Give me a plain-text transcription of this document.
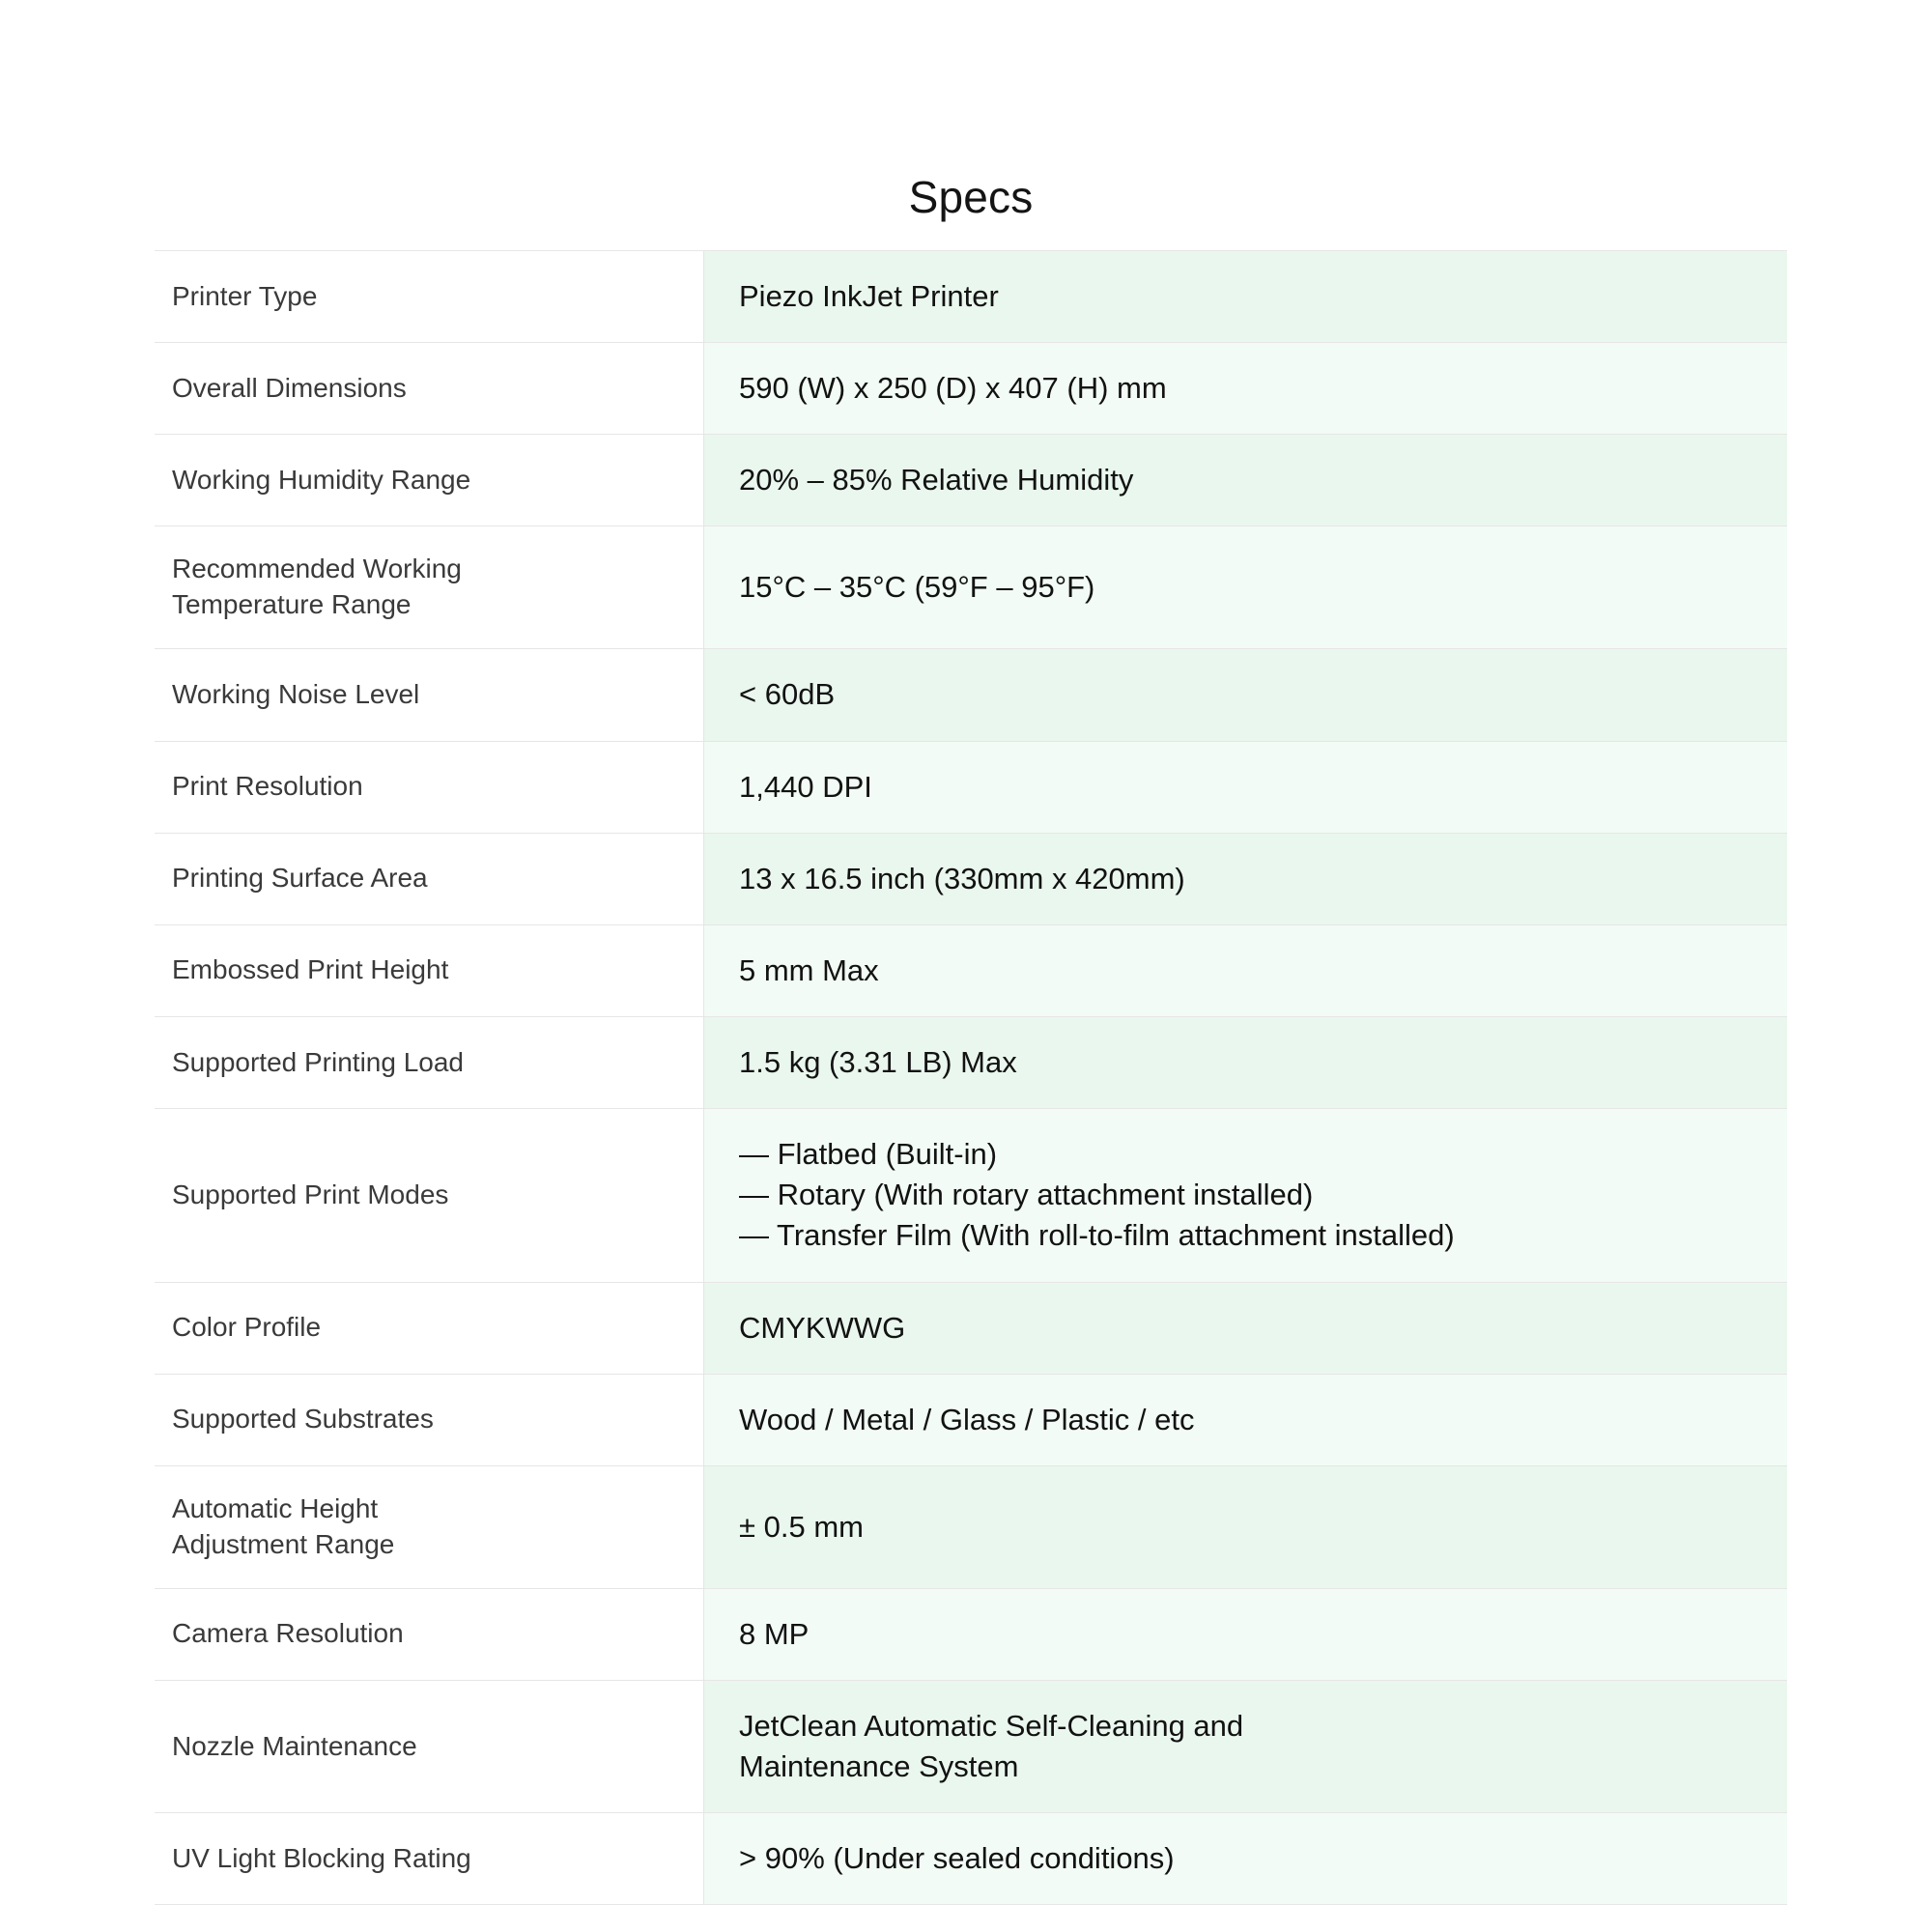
Specs
Printer Type	Piezo InkJet Printer

Overall Dimensions	590 (W) x 250 (D) x 407 (H) mm

Working Humidity Range	20% – 85% Relative Humidity

Recommended Working
Temperature Range	15°C – 35°C (59°F – 95°F)

Working Noise Level	< 60dB

Print Resolution	1,440 DPI

Printing Surface Area	13 x 16.5 inch (330mm x 420mm)

Embossed Print Height	5 mm Max

Supported Printing Load	1.5 kg (3.31 LB) Max

Supported Print Modes	— Flatbed (Built-in)
— Rotary (With rotary attachment installed)
— Transfer Film (With roll-to-film attachment installed)

Color Profile	CMYKWWG

Supported Substrates	Wood / Metal / Glass / Plastic / etc

Automatic Height
Adjustment Range	± 0.5 mm

Camera Resolution	8 MP

Nozzle Maintenance	JetClean Automatic Self-Cleaning and
Maintenance System

UV Light Blocking Rating	> 90% (Under sealed conditions)
